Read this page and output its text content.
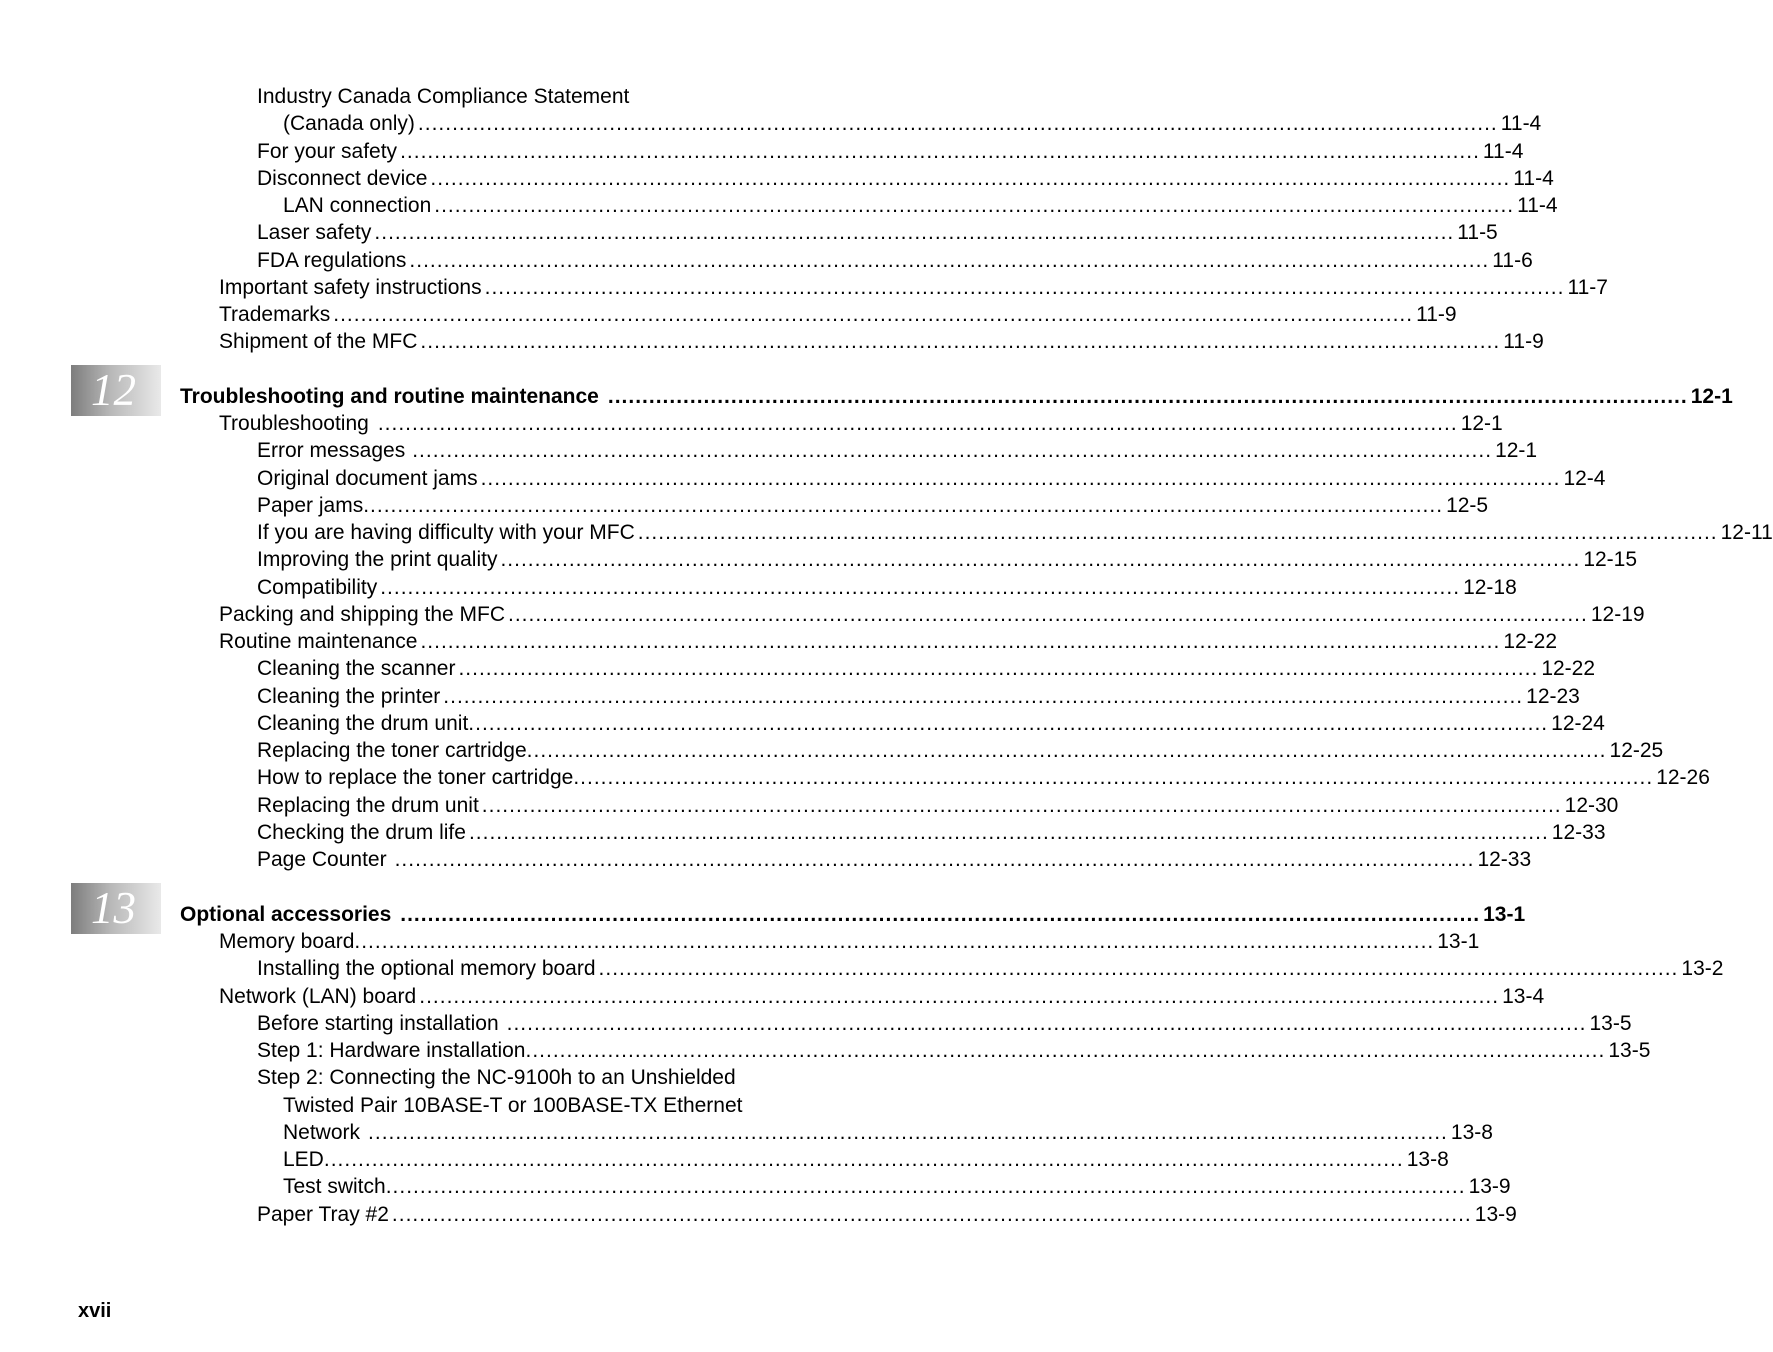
12
13
Industry Canada Compliance Statement
(Canada only) .............................................................................................................................................................. 11-4
For your safety .............................................................................................................................................................. 11-4
Disconnect device .............................................................................................................................................................. 11-4
LAN connection .............................................................................................................................................................. 11-4
Laser safety .............................................................................................................................................................. 11-5
FDA regulations .............................................................................................................................................................. 11-6
Important safety instructions .............................................................................................................................................................. 11-7
Trademarks .............................................................................................................................................................. 11-9
Shipment of the MFC .............................................................................................................................................................. 11-9
Troubleshooting and routine maintenance .............................................................................................................................................................. 12-1
Troubleshooting .............................................................................................................................................................. 12-1
Error messages .............................................................................................................................................................. 12-1
Original document jams .............................................................................................................................................................. 12-4
Paper jams .............................................................................................................................................................. 12-5
If you are having difficulty with your MFC .............................................................................................................................................................. 12-11
Improving the print quality .............................................................................................................................................................. 12-15
Compatibility .............................................................................................................................................................. 12-18
Packing and shipping the MFC .............................................................................................................................................................. 12-19
Routine maintenance .............................................................................................................................................................. 12-22
Cleaning the scanner .............................................................................................................................................................. 12-22
Cleaning the printer .............................................................................................................................................................. 12-23
Cleaning the drum unit .............................................................................................................................................................. 12-24
Replacing the toner cartridge .............................................................................................................................................................. 12-25
How to replace the toner cartridge .............................................................................................................................................................. 12-26
Replacing the drum unit .............................................................................................................................................................. 12-30
Checking the drum life .............................................................................................................................................................. 12-33
Page Counter .............................................................................................................................................................. 12-33
Optional accessories .............................................................................................................................................................. 13-1
Memory board .............................................................................................................................................................. 13-1
Installing the optional memory board .............................................................................................................................................................. 13-2
Network (LAN) board .............................................................................................................................................................. 13-4
Before starting installation .............................................................................................................................................................. 13-5
Step 1: Hardware installation .............................................................................................................................................................. 13-5
Step 2: Connecting the NC-9100h to an Unshielded
Twisted Pair 10BASE-T or 100BASE-TX Ethernet
Network .............................................................................................................................................................. 13-8
LED .............................................................................................................................................................. 13-8
Test switch .............................................................................................................................................................. 13-9
Paper Tray #2 .............................................................................................................................................................. 13-9
xvii
